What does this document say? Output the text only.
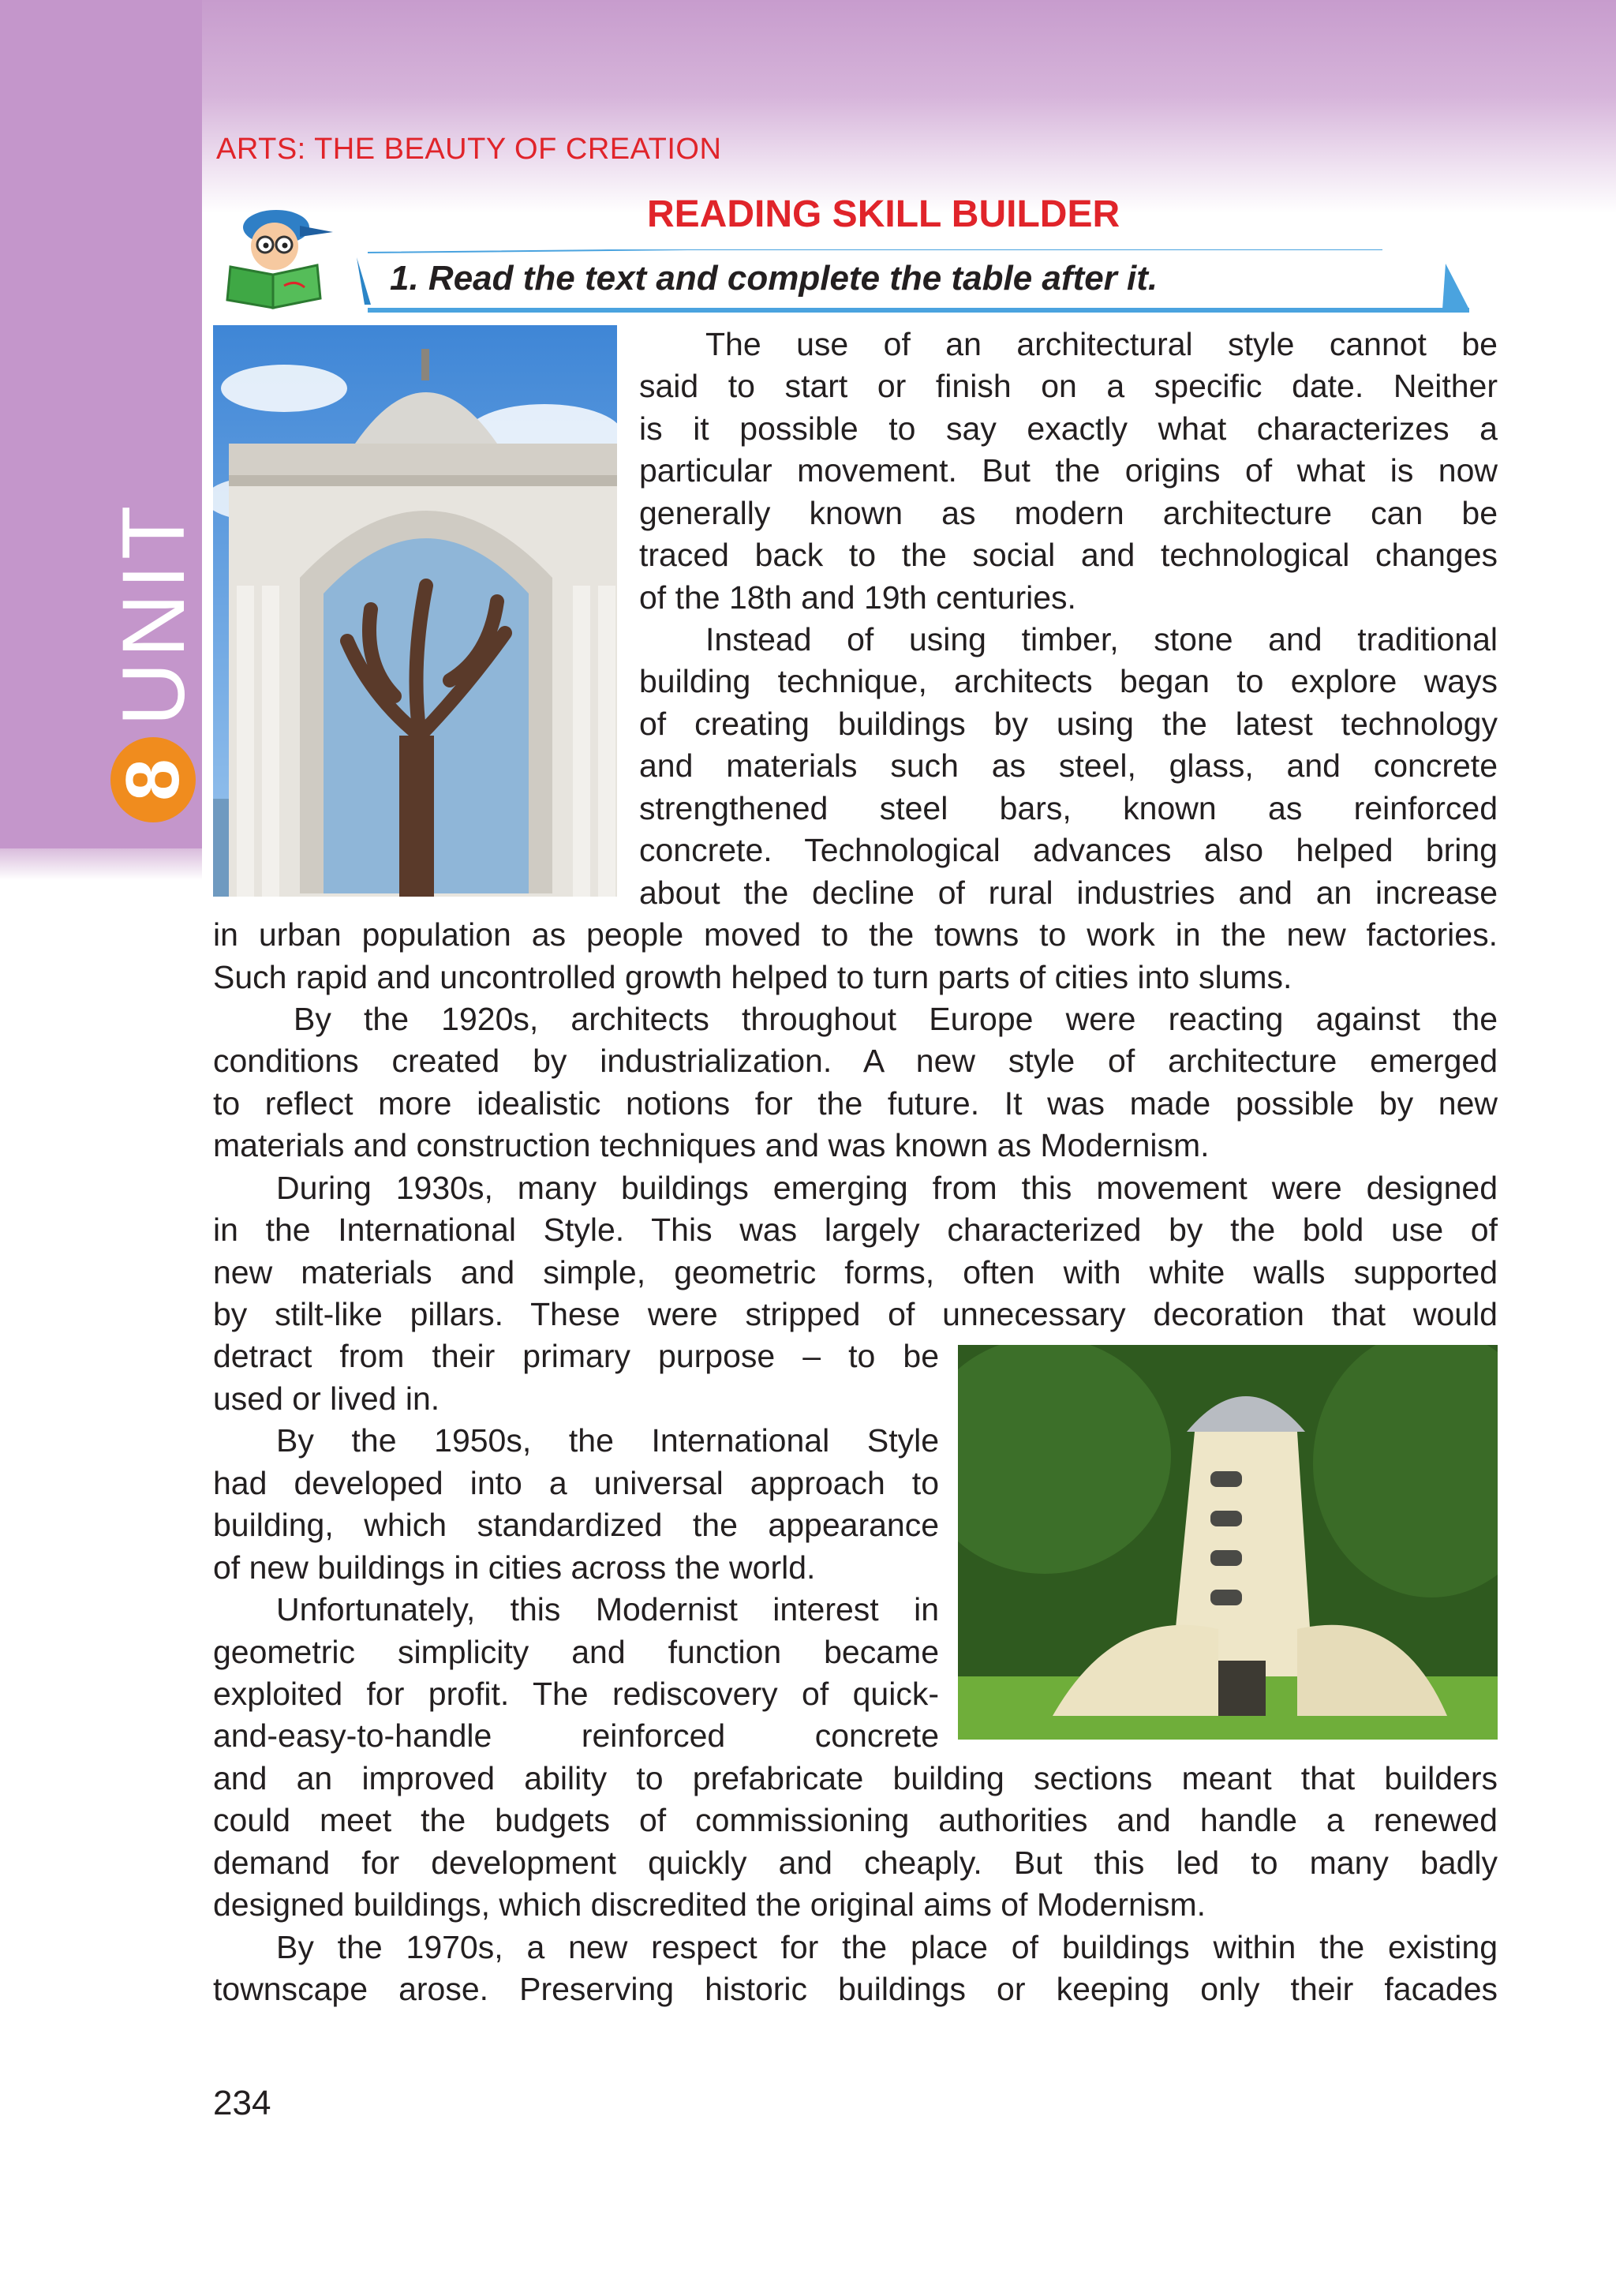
ARTS: THE BEAUTY OF CREATION

8
UNIT
READING SKILL BUILDER

1. Read the text and complete the table after it.

The use of an architectural style cannot be

said to start or finish on a specific date. Neither

is it possible to say exactly what characterizes a

particular movement. But the origins of what is now

generally known as modern architecture can be

traced back to the social and technological changes

of the 18th and 19th centuries.

Instead of using timber, stone and traditional

building technique, architects began to explore ways

of creating buildings by using the latest technology

and materials such as steel, glass, and concrete

strengthened steel bars, known as reinforced

concrete. Technological advances also helped bring

about the decline of rural industries and an increase

in urban population as people moved to the towns to work in the new factories.

Such rapid and uncontrolled growth helped to turn parts of cities into slums.

By the 1920s, architects throughout Europe were reacting against the

conditions created by industrialization. A new style of architecture emerged

to reflect more idealistic notions for the future. It was made possible by new

materials and construction techniques and was known as Modernism.

During 1930s, many buildings emerging from this movement were designed

in the International Style. This was largely characterized by the bold use of

new materials and simple, geometric forms, often with white walls supported

by stilt-like pillars. These were stripped of unnecessary decoration that would

detract from their primary purpose – to be

used or lived in.

By the 1950s, the International Style

had developed into a universal approach to

building, which standardized the appearance

of new buildings in cities across the world.

Unfortunately, this Modernist interest in

geometric simplicity and function became

exploited for profit. The rediscovery of quick-

and-easy-to-handle reinforced concrete

and an improved ability to prefabricate building sections meant that builders

could meet the budgets of commissioning authorities and handle a renewed

demand for development quickly and cheaply. But this led to many badly

designed buildings, which discredited the original aims of Modernism.

By the 1970s, a new respect for the place of buildings within the existing

townscape arose. Preserving historic buildings or keeping only their facades

234
